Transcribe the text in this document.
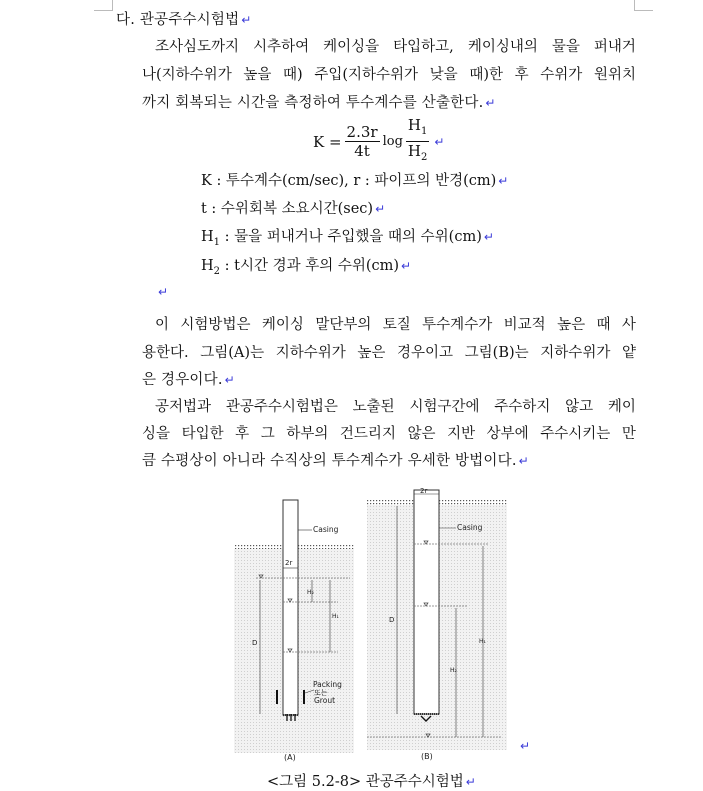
다. 관공주수시험법 ↵
조사심도까지 시추하여 케이싱을 타입하고, 케이싱내의 물을 퍼내거
나(지하수위가 높을 때) 주입(지하수위가 낮을 때)한 후 수위가 원위치
까지 회복되는 시간을 측정하여 투수계수를 산출한다. ↵
$K = \frac{2.3r}{4t}$ $\log \frac{H_1}{H_2}$ ↵
K : 투수계수(cm/sec), r : 파이프의 반경(cm) ↵
t : 수위회복 소요시간(sec) ↵
$H_1$ : 물을 퍼내거나 주입했을 때의 수위(cm) ↵
$H_2$ : t시간 경과 후의 수위(cm) ↵
↵
이 시험방법은 케이싱 말단부의 토질 투수계수가 비교적 높은 때 사
용한다. 그림(A)는 지하수위가 높은 경우이고 그림(B)는 지하수위가 얕
은 경우이다. ↵
공저법과 관공주수시험법은 노출된 시험구간에 주수하지 않고 케이
싱을 타입한 후 그 하부의 건드리지 않은 지반 상부에 주수시키는 만
큼 수평상이 아니라 수직상의 투수계수가 우세한 방법이다. ↵
2r
Casing
D
H₂
H₁
Packing
또는
Grout
(A)
2r
Casing
D
H₂
H₁
(B)
↵
<그림 5.2-8> 관공주수시험법 ↵
